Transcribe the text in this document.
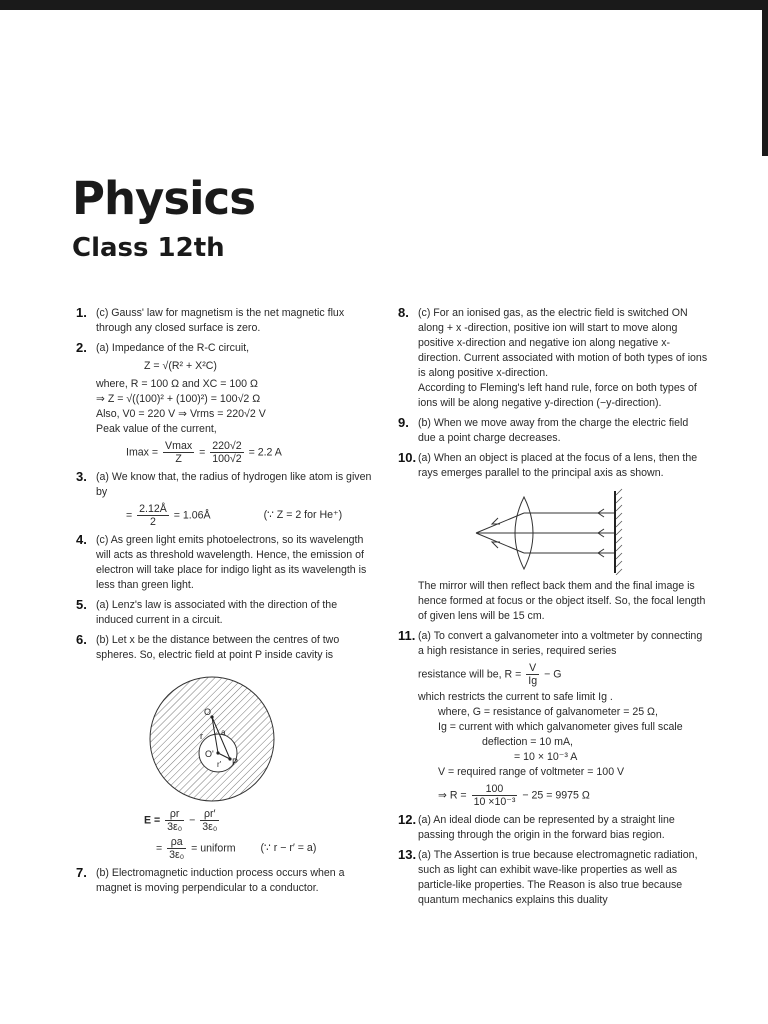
Physics
Class 12th
1. (c) Gauss' law for magnetism is the net magnetic flux through any closed surface is zero.
2. (a) Impedance of the R-C circuit,
Z = √(R² + X²C)
where, R = 100 Ω and XC = 100 Ω
⇒ Z = √((100)² + (100)²) = 100√2 Ω
Also, V0 = 220 V ⇒ Vrms = 220√2 V
Peak value of the current,
$Imax = \frac{Vmax}{Z} = \frac{220√2}{100√2} = 2.2$ A
3. (a) We know that, the radius of hydrogen like atom is given by
= $\frac{2.12Å}{2}$ = 1.06Å	(∵ Z = 2 for He⁺)
4. (c) As green light emits photoelectrons, so its wavelength will acts as threshold wavelength. Hence, the emission of electron will take place for indigo light as its wavelength is less than green light.
5. (a) Lenz's law is associated with the direction of the induced current in a circuit.
6. (b) Let x be the distance between the centres of two spheres. So, electric field at point P inside cavity is
O
O'
r a
r' P
$E = \frac{\rho r}{\text{3ε₀}} - \frac{\rho r'}{\text{3ε₀}}$
= $\frac{\rho a}{\text{3ε₀}}$ = uniform (∵ r − r′ = a)
7. (b) Electromagnetic induction process occurs when a magnet is moving perpendicular to a conductor.
8. (c) For an ionised gas, as the electric field is switched ON along + x -direction, positive ion will start to move along positive x-direction and negative ion along negative x-direction. Current associated with motion of both types of ions is along positive x-direction.
According to Fleming's left hand rule, force on both types of ions will be along negative y-direction (−y-direction).
9. (b) When we move away from the charge the electric field due a point charge decreases.
10. (a) When an object is placed at the focus of a lens, then the rays emerges parallel to the principal axis as shown.
The mirror will then reflect back them and the final image is hence formed at focus or the object itself. So, the focal length of given lens will be 15 cm.
11. (a) To convert a galvanometer into a voltmeter by connecting a high resistance in series, required series
resistance will be, $R = \frac{V}{Ig} - G$
which restricts the current to safe limit Ig .
where, G = resistance of galvanometer = 25 Ω,
Ig = current with which galvanometer gives full scale
deflection = 10 mA,
= 10 × 10⁻³ A
V = required range of voltmeter = 100 V
⇒ $R = \frac{100}{\text{10 ×10⁻³}} - 25 = 9975$ Ω
12. (a) An ideal diode can be represented by a straight line passing through the origin in the forward bias region.
13. (a) The Assertion is true because electromagnetic radiation, such as light can exhibit wave-like properties as well as particle-like properties. The Reason is also true because quantum mechanics explains this duality
